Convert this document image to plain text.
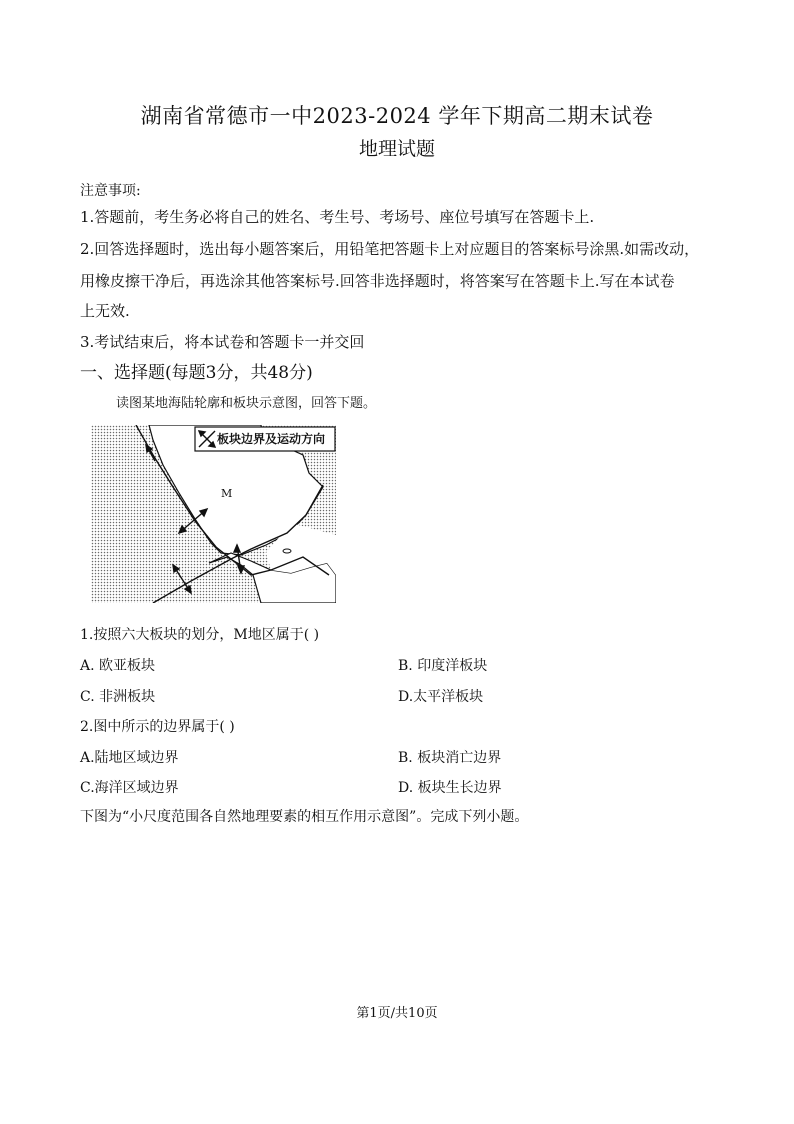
湖南省常德市一中2023-2024 学年下期高二期末试卷
地理试题
注意事项:
1.答题前，考生务必将自己的姓名、考生号、考场号、座位号填写在答题卡上.
2.回答选择题时，选出每小题答案后，用铅笔把答题卡上对应题目的答案标号涂黑.如需改动，
用橡皮擦干净后，再选涂其他答案标号.回答非选择题时，将答案写在答题卡上.写在本试卷
上无效.
3.考试结束后，将本试卷和答题卡一并交回
一、选择题(每题3分，共48分)
读图某地海陆轮廓和板块示意图，回答下题。
板块边界及运动方向
M
1.按照六大板块的划分，M地区属于( )
A. 欧亚板块	B. 印度洋板块
C. 非洲板块	D.太平洋板块
2.图中所示的边界属于( )
A.陆地区域边界	B. 板块消亡边界
C.海洋区域边界	D. 板块生长边界
下图为“小尺度范围各自然地理要素的相互作用示意图”。完成下列小题。
第1页/共10页
